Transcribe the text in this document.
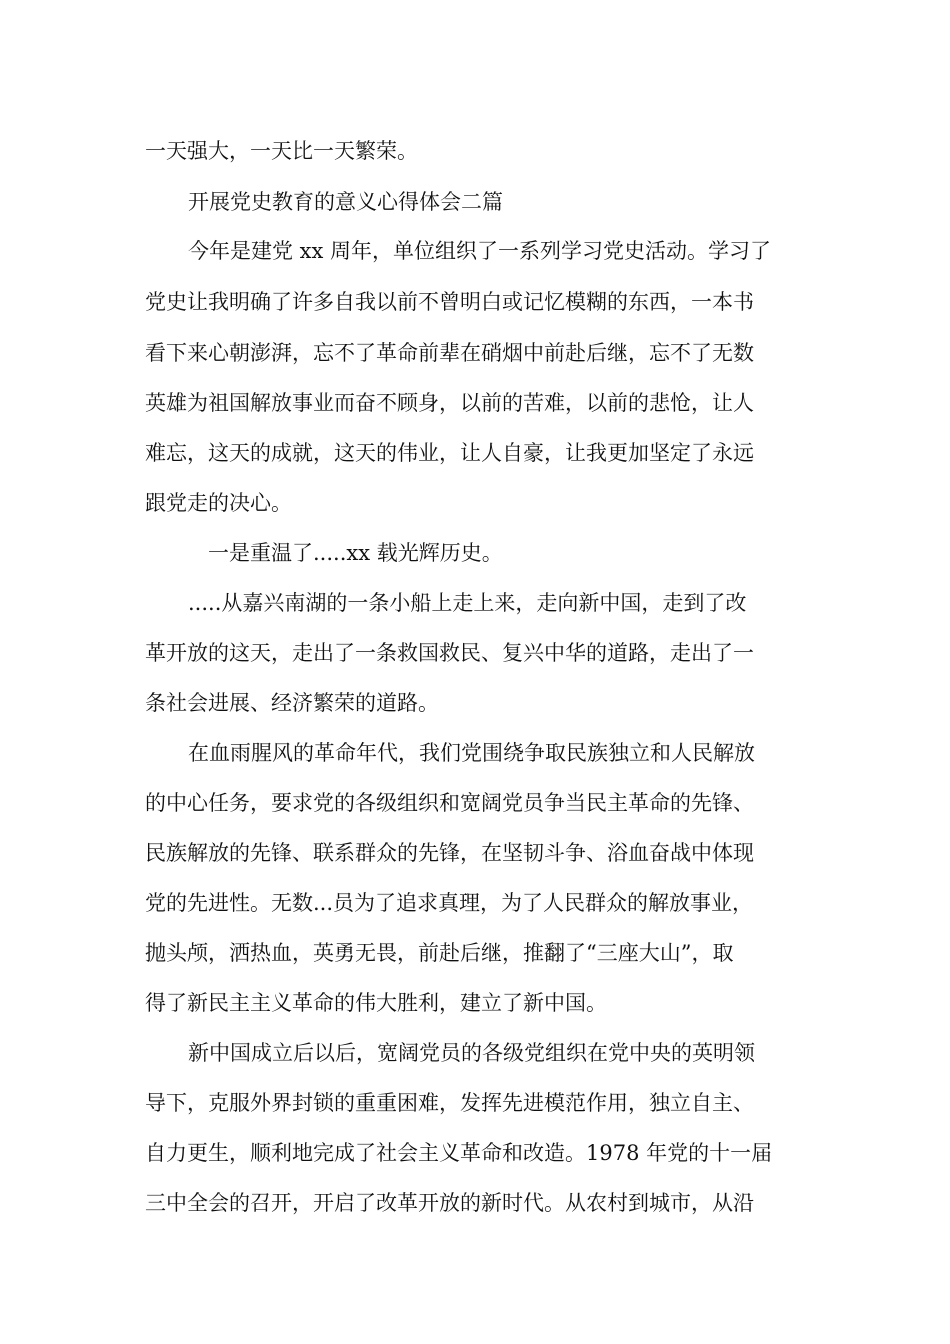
一天强大，一天比一天繁荣。
开展党史教育的意义心得体会二篇
今年是建党 xx 周年，单位组织了一系列学习党史活动。学习了
党史让我明确了许多自我以前不曾明白或记忆模糊的东西，一本书
看下来心朝澎湃，忘不了革命前辈在硝烟中前赴后继，忘不了无数
英雄为祖国解放事业而奋不顾身，以前的苦难，以前的悲怆，让人
难忘，这天的成就，这天的伟业，让人自豪，让我更加坚定了永远
跟党走的决心。
一是重温了.....xx 载光辉历史。
.....从嘉兴南湖的一条小船上走上来，走向新中国，走到了改
革开放的这天，走出了一条救国救民、复兴中华的道路，走出了一
条社会进展、经济繁荣的道路。
在血雨腥风的革命年代，我们党围绕争取民族独立和人民解放
的中心任务，要求党的各级组织和宽阔党员争当民主革命的先锋、
民族解放的先锋、联系群众的先锋，在坚韧斗争、浴血奋战中体现
党的先进性。无数...员为了追求真理，为了人民群众的解放事业，
抛头颅，洒热血，英勇无畏，前赴后继，推翻了“三座大山”，取
得了新民主主义革命的伟大胜利，建立了新中国。
新中国成立后以后，宽阔党员的各级党组织在党中央的英明领
导下，克服外界封锁的重重困难，发挥先进模范作用，独立自主、
自力更生，顺利地完成了社会主义革命和改造。1978 年党的十一届
三中全会的召开，开启了改革开放的新时代。从农村到城市，从沿
